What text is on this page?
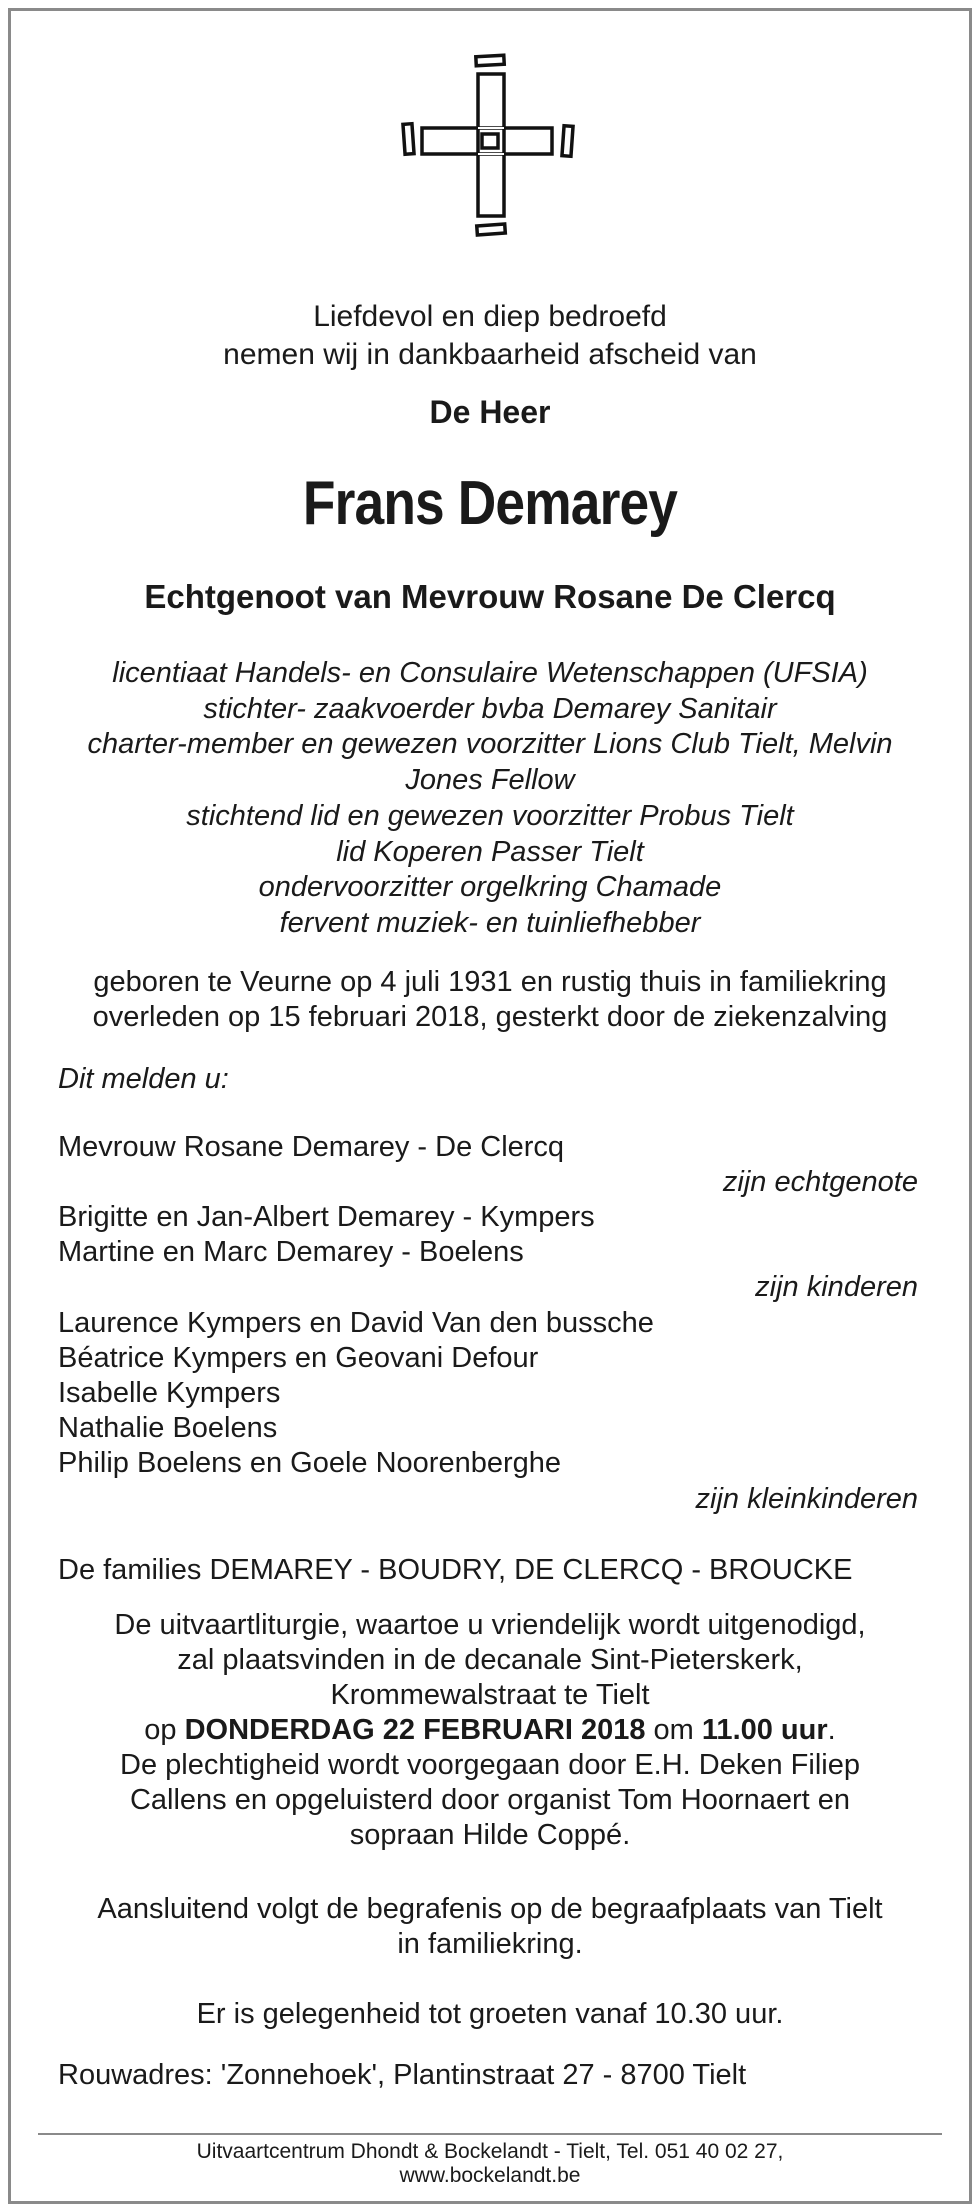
Liefdevol en diep bedroefd
nemen wij in dankbaarheid afscheid van
De Heer
Frans Demarey
Echtgenoot van Mevrouw Rosane De Clercq
licentiaat Handels- en Consulaire Wetenschappen (UFSIA)
stichter- zaakvoerder bvba Demarey Sanitair
charter-member en gewezen voorzitter Lions Club Tielt, Melvin
Jones Fellow
stichtend lid en gewezen voorzitter Probus Tielt
lid Koperen Passer Tielt
ondervoorzitter orgelkring Chamade
fervent muziek- en tuinliefhebber
geboren te Veurne op 4 juli 1931 en rustig thuis in familiekring
overleden op 15 februari 2018, gesterkt door de ziekenzalving
Dit melden u:
Mevrouw Rosane Demarey - De Clercq
zijn echtgenote
Brigitte en Jan-Albert Demarey - Kympers
Martine en Marc Demarey - Boelens
zijn kinderen
Laurence Kympers en David Van den bussche
Béatrice Kympers en Geovani Defour
Isabelle Kympers
Nathalie Boelens
Philip Boelens en Goele Noorenberghe
zijn kleinkinderen
De families DEMAREY - BOUDRY, DE CLERCQ - BROUCKE
De uitvaartliturgie, waartoe u vriendelijk wordt uitgenodigd,
zal plaatsvinden in de decanale Sint-Pieterskerk,
Krommewalstraat te Tielt
op DONDERDAG 22 FEBRUARI 2018 om 11.00 uur.
De plechtigheid wordt voorgegaan door E.H. Deken Filiep
Callens en opgeluisterd door organist Tom Hoornaert en
sopraan Hilde Coppé.
Aansluitend volgt de begrafenis op de begraafplaats van Tielt
in familiekring.
Er is gelegenheid tot groeten vanaf 10.30 uur.
Rouwadres: 'Zonnehoek', Plantinstraat 27 - 8700 Tielt
Uitvaartcentrum Dhondt & Bockelandt - Tielt, Tel. 051 40 02 27,
www.bockelandt.be
